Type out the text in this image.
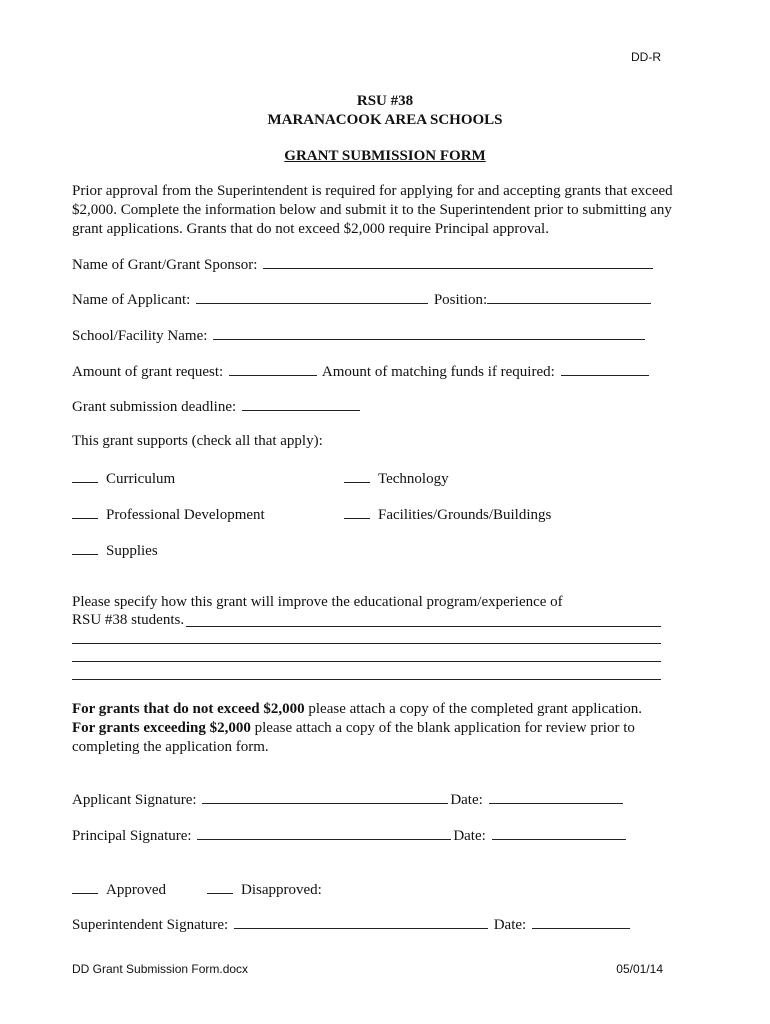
DD-R
RSU #38
MARANACOOK AREA SCHOOLS
GRANT SUBMISSION FORM
Prior approval from the Superintendent is required for applying for and accepting grants that exceed
$2,000. Complete the information below and submit it to the Superintendent prior to submitting any
grant applications. Grants that do not exceed $2,000 require Principal approval.
Name of Grant/Grant Sponsor:
Name of Applicant:	Position:
School/Facility Name:
Amount of grant request:	Amount of matching funds if required:
Grant submission deadline:
This grant supports (check all that apply):
Curriculum	Technology
Professional Development	Facilities/Grounds/Buildings
Supplies
Please specify how this grant will improve the educational program/experience of
RSU #38 students.
For grants that do not exceed $2,000 please attach a copy of the completed grant application.
For grants exceeding $2,000 please attach a copy of the blank application for review prior to
completing the application form.
Applicant Signature:	Date:
Principal Signature:	Date:
Approved	Disapproved:
Superintendent Signature:	Date:
DD Grant Submission Form.docx	05/01/14
